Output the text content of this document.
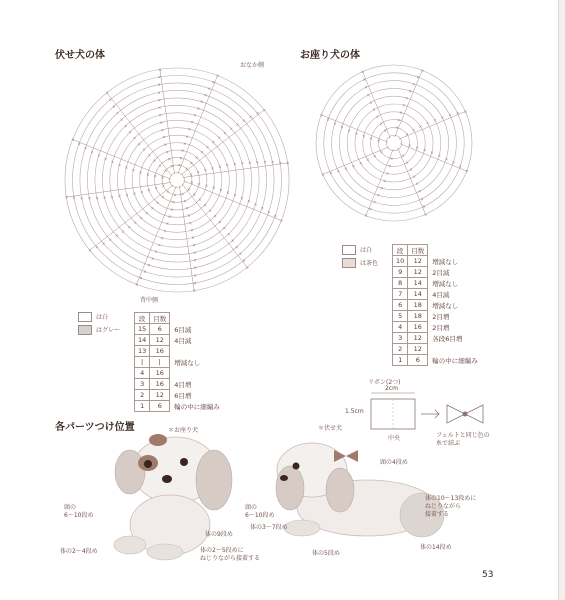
伏せ犬の体
おなか側
× × × × × ×
×
×
×
×
×
×
×
×
×
×
×
×
×
×
×
×
×
×
×
×
×
×
×
×
×
×
×
×
×
×
×
×
×
×
×
×
×
×
×
×
×
×
×
×
×
×
×
×
×
×
×
×
×
×
×
×
×
×
×
×
×
×
×
×
×
×
×
×
×
×
×
×
×
×
×
×
×
×
×
×
×
×
×
×
×
×
×
×
×
×
×
×
×
×
×
×
×
×
×
×
×
×
×
×
×
×
×
×
×
×
×
×
×
×
×
×
×
×
×
×
×
×
×
×
×
×
×
×
×
×
×
×
×
×
×
×
×
×
×
×
×
×
×
×
×
×
×
×
× × × × × × × × × × × × × ×
背中側
は白
はグレー
段	目数	
15	6	6目減
14	12	4目減
13	16	
|	|	増減なし
4	16	
3	16	4目増
2	12	6目増
1	6	輪の中に細編み
お座り犬の体
× × ×
×
×
×
×
×
×
×
×
×
×
×
×
×
×
×
×
×
×
×
×
×
×
×
×
×
×
×
×
×
×
×
×
×
×
×
×
×
×
×
×
×
×
×
×
×
×
×
×
×
×
×
×
×
×
×
×
×
×
×
×
×
×
×
×
×
× × × ×
は白
は茶色
段	目数	
10	12	増減なし
9	12	2目減
8	14	増減なし
7	14	4目減
6	18	増減なし
5	18	2目増
4	16	2目増
3	12	各段6目増
2	12	
1	6	輪の中に細編み
リボン(2つ)
2cm
1.5cm
中央	フェルトと同じ色の
糸で結ぶ
各パーツつけ位置	＊お座り犬	＊伏せ犬
頭の
6〜10段め
体の9段め
体の2〜4段め	体の2〜5段めに
ねじりながら接着する
頭の4段め
頭の
6〜10段め
体の3〜7段め
体の10〜13段めに
ねじりながら
接着する
体の5段め
体の14段め
53
